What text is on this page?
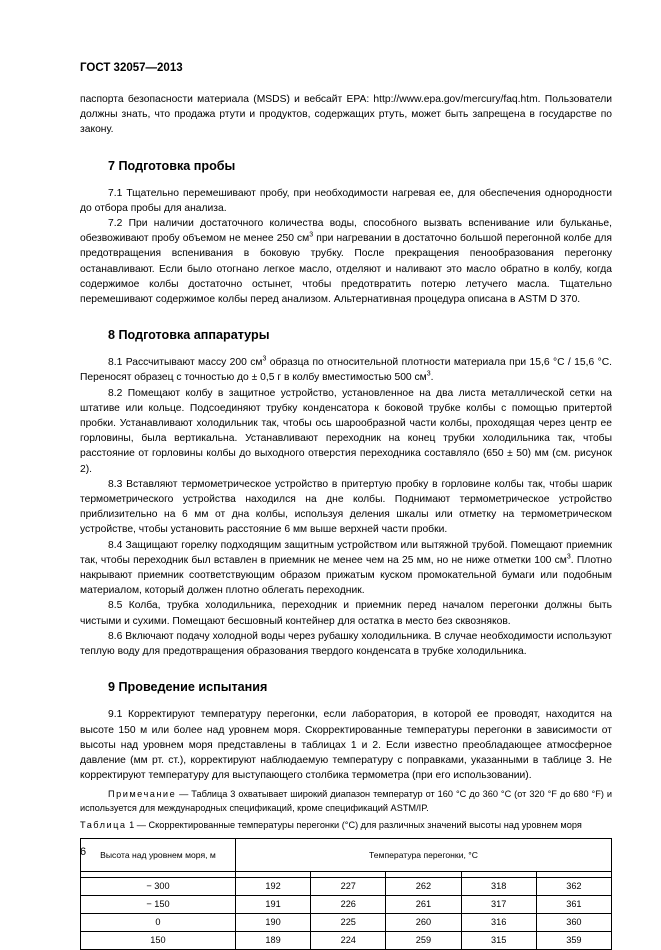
ГОСТ 32057—2013

паспорта безопасности материала (MSDS) и вебсайт EPA: http://www.epa.gov/mercury/faq.htm. Пользователи должны знать, что продажа ртути и продуктов, содержащих ртуть, может быть запрещена в государстве по закону.

7 Подготовка пробы

7.1 Тщательно перемешивают пробу, при необходимости нагревая ее, для обеспечения однородности до отбора пробы для анализа.

7.2 При наличии достаточного количества воды, способного вызвать вспенивание или бульканье, обезвоживают пробу объемом не менее 250 $см^3$ при нагревании в достаточно большой перегонной колбе для предотвращения вспенивания в боковую трубку. После прекращения пенообразования перегонку останавливают. Если было отогнано легкое масло, отделяют и наливают это масло обратно в колбу, когда содержимое колбы достаточно остынет, чтобы предотвратить потерю летучего масла. Тщательно перемешивают содержимое колбы перед анализом. Альтернативная процедура описана в ASTM D 370.

8 Подготовка аппаратуры

8.1 Рассчитывают массу 200 $см^3$ образца по относительной плотности материала при 15,6 °С / 15,6 °С. Переносят образец с точностью до ± 0,5 г в колбу вместимостью 500 $см^3$.

8.2 Помещают колбу в защитное устройство, установленное на два листа металлической сетки на штативе или кольце. Подсоединяют трубку конденсатора к боковой трубке колбы с помощью притертой пробки. Устанавливают холодильник так, чтобы ось шарообразной части колбы, проходящая через центр ее горловины, была вертикальна. Устанавливают переходник на конец трубки холодильника так, чтобы расстояние от горловины колбы до выходного отверстия переходника составляло (650 ± 50) мм (см. рисунок 2).

8.3 Вставляют термометрическое устройство в притертую пробку в горловине колбы так, чтобы шарик термометрического устройства находился на дне колбы. Поднимают термометрическое устройство приблизительно на 6 мм от дна колбы, используя деления шкалы или отметку на термометрическом устройстве, чтобы установить расстояние 6 мм выше верхней части пробки.

8.4 Защищают горелку подходящим защитным устройством или вытяжной трубой. Помещают приемник так, чтобы переходник был вставлен в приемник не менее чем на 25 мм, но не ниже отметки 100 $см^3$. Плотно накрывают приемник соответствующим образом прижатым куском промокательной бумаги или подобным материалом, который должен плотно облегать переходник.

8.5 Колба, трубка холодильника, переходник и приемник перед началом перегонки должны быть чистыми и сухими. Помещают бесшовный контейнер для остатка в место без сквозняков.

8.6 Включают подачу холодной воды через рубашку холодильника. В случае необходимости используют теплую воду для предотвращения образования твердого конденсата в трубке холодильника.

9 Проведение испытания

9.1 Корректируют температуру перегонки, если лаборатория, в которой ее проводят, находится на высоте 150 м или более над уровнем моря. Скорректированные температуры перегонки в зависимости от высоты над уровнем моря представлены в таблицах 1 и 2. Если известно преобладающее атмосферное давление (мм рт. ст.), корректируют наблюдаемую температуру с поправками, указанными в таблице 3. Не корректируют температуру для выступающего столбика термометра (при его использовании).

Примечание — Таблица 3 охватывает широкий диапазон температур от 160 °С до 360 °С (от 320 °F до 680 °F) и используется для международных спецификаций, кроме спецификаций ASTM/IP.

Таблица 1 — Скорректированные температуры перегонки (°С) для различных значений высоты над уровнем моря

Высота над уровнем моря, м	Температура перегонки, °С				

− 300	192	227	262	318	362
− 150	191	226	261	317	361
0	190	225	260	316	360
150	189	224	259	315	359
6
